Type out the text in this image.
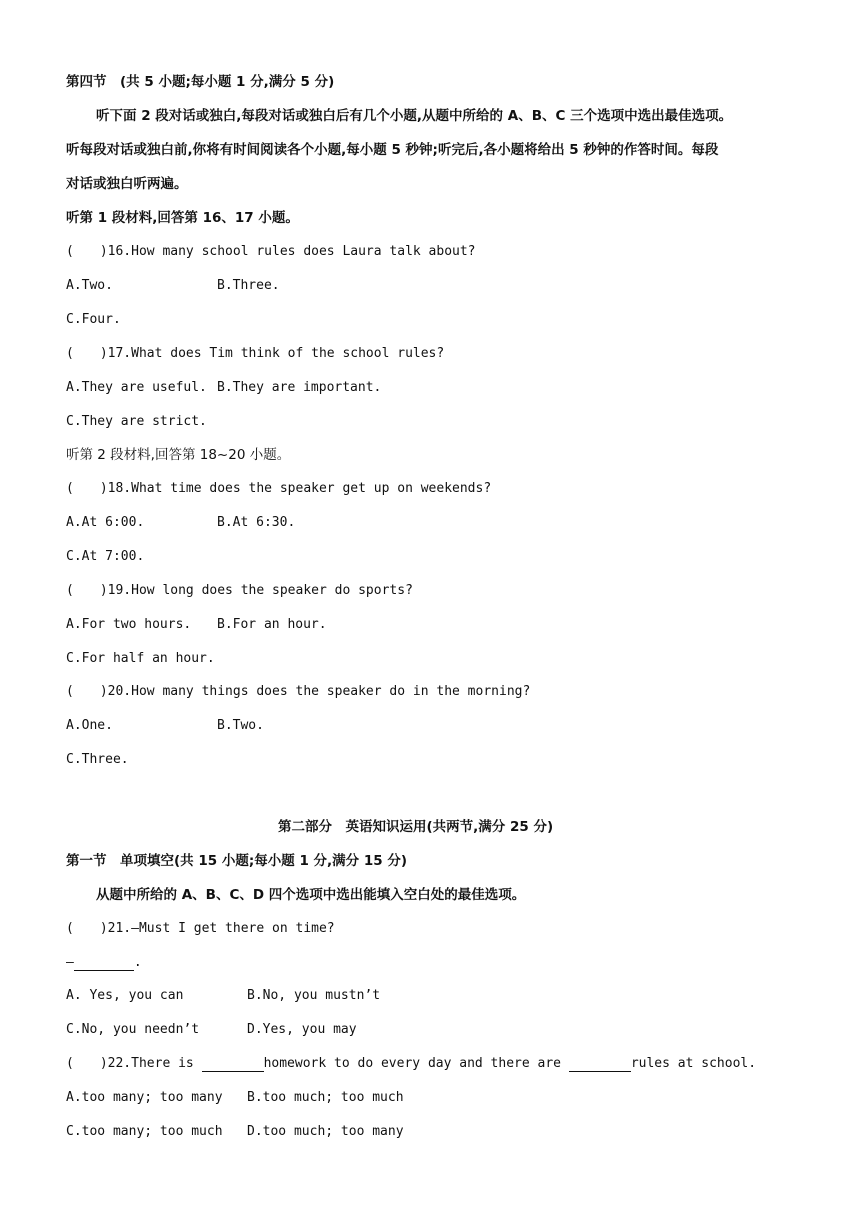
第四节　(共 5 小题;每小题 1 分,满分 5 分)
听下面 2 段对话或独白,每段对话或独白后有几个小题,从题中所给的 A、B、C 三个选项中选出最佳选项。
听每段对话或独白前,你将有时间阅读各个小题,每小题 5 秒钟;听完后,各小题将给出 5 秒钟的作答时间。每段
对话或独白听两遍。
听第 1 段材料,回答第 16、17 小题。
(　　)16.How many school rules does Laura talk about?
A.Two.	B.Three.
C.Four.
(　　)17.What does Tim think of the school rules?
A.They are useful. B.They are important.
C.They are strict.
听第 2 段材料,回答第 18~20 小题。
(　　)18.What time does the speaker get up on weekends?
A.At 6:00.	B.At 6:30.
C.At 7:00.
(　　)19.How long does the speaker do sports?
A.For two hours. B.For an hour.
C.For half an hour.
(　　)20.How many things does the speaker do in the morning?
A.One.	B.Two.
C.Three.
第二部分　英语知识运用(共两节,满分 25 分)
第一节　单项填空(共 15 小题;每小题 1 分,满分 15 分)
从题中所给的 A、B、C、D 四个选项中选出能填入空白处的最佳选项。
(　　)21.—Must I get there on time?
—	.
A. Yes, you can	B.No, you mustn’t
C.No, you needn’t	D.Yes, you may
(　　)22.There is	homework to do every day and there are	rules at school.
A.too many; too many B.too much; too much
C.too many; too much D.too much; too many
